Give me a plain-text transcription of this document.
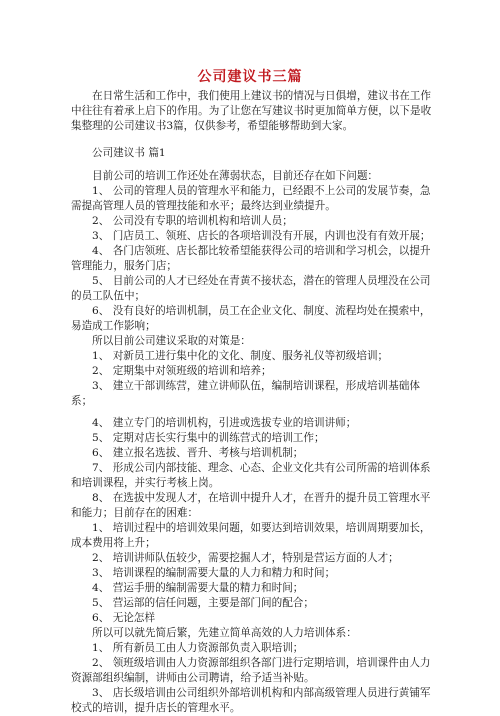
公司建议书三篇

在日常生活和工作中，我们使用上建议书的情况与日俱增，建议书在工作中往往有着承上启下的作用。为了让您在写建议书时更加简单方便，以下是收集整理的公司建议书3篇，仅供参考，希望能够帮助到大家。

公司建议书 篇1

目前公司的培训工作还处在薄弱状态，目前还存在如下问题：

1、 公司的管理人员的管理水平和能力，已经跟不上公司的发展节奏，急需提高管理人员的管理技能和水平；最终达到业绩提升。

2、 公司没有专职的培训机构和培训人员；

3、 门店员工、领班、店长的各项培训没有开展，内训也没有有效开展；

4、 各门店领班、店长都比较希望能获得公司的培训和学习机会，以提升管理能力，服务门店；

5、 目前公司的人才已经处在青黄不接状态，潜在的管理人员埋没在公司的员工队伍中；

6、 没有良好的培训机制，员工在企业文化、制度、流程均处在摸索中，易造成工作影响；

所以目前公司建议采取的对策是：

1、 对新员工进行集中化的文化、制度、服务礼仪等初级培训；

2、 定期集中对领班级的培训和培养；

3、 建立干部训练营，建立讲师队伍，编制培训课程，形成培训基础体系；

4、 建立专门的培训机构，引进或选拔专业的培训讲师；

5、 定期对店长实行集中的训练营式的培训工作；

6、 建立报名选拔、晋升、考核与培训机制；

7、 形成公司内部技能、理念、心态、企业文化共有公司所需的培训体系和培训课程，并实行考核上岗。

8、 在选拔中发现人才，在培训中提升人才，在晋升的提升员工管理水平和能力；目前存在的困难：

1、 培训过程中的培训效果问题，如要达到培训效果，培训周期要加长，成本费用将上升；

2、 培训讲师队伍较少，需要挖掘人才，特别是营运方面的人才；

3、 培训课程的编制需要大量的人力和精力和时间；

4、 营运手册的编制需要大量的精力和时间；

5、 营运部的信任问题，主要是部门间的配合；

6、 无论怎样

所以可以就先简后繁，先建立简单高效的人力培训体系：

1、 所有新员工由人力资源部负责入职培训；

2、 领班级培训由人力资源部组织各部门进行定期培训，培训课件由人力资源部组织编制，讲师由公司聘请，给予适当补贴。

3、 店长级培训由公司组织外部培训机构和内部高级管理人员进行黄铺军校式的培训，提升店长的管理水平。
